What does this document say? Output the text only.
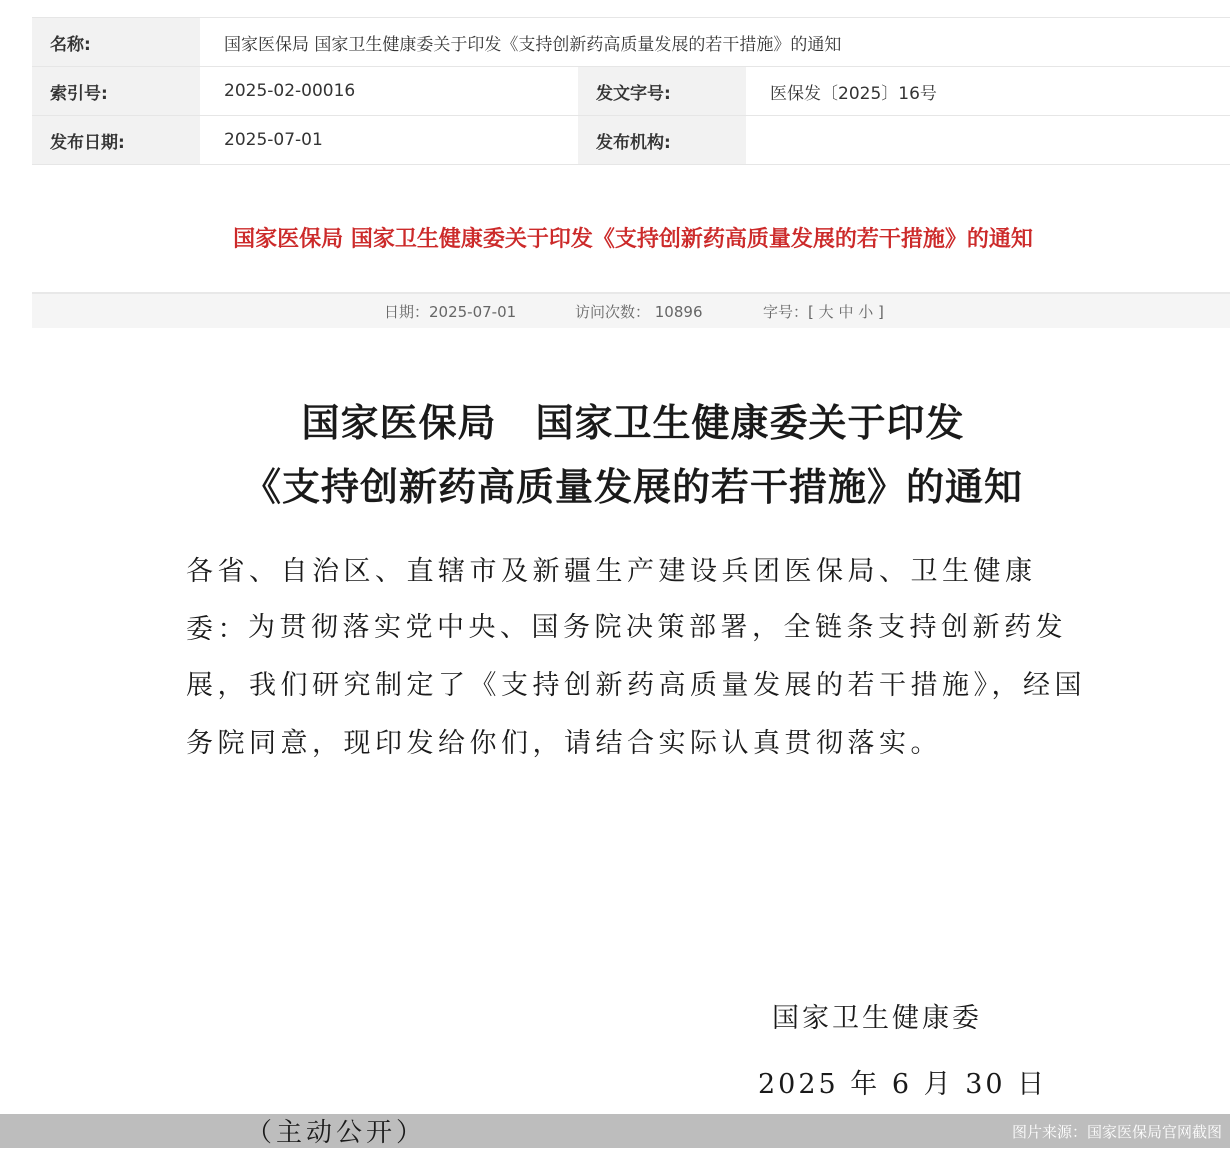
名称:	国家医保局 国家卫生健康委关于印发《支持创新药高质量发展的若干措施》的通知
索引号:	2025-02-00016	发文字号:	医保发〔2025〕16号
发布日期:	2025-07-01	发布机构:
国家医保局 国家卫生健康委关于印发《支持创新药高质量发展的若干措施》的通知
日期：2025-07-01	访问次数： 10896	字号：[ 大 中 小 ]
国家医保局　国家卫生健康委关于印发
《支持创新药高质量发展的若干措施》的通知
各省、自治区、直辖市及新疆生产建设兵团医保局、卫生健康委： 为贯彻落实党中央、国务院决策部署，全链条支持创新药发展，我们研究制定了《支持创新药高质量发展的若干措施》，经国务院同意，现印发给你们，请结合实际认真贯彻落实。
国家卫生健康委
2025 年 6 月 30 日
（主动公开）	图片来源：国家医保局官网截图
